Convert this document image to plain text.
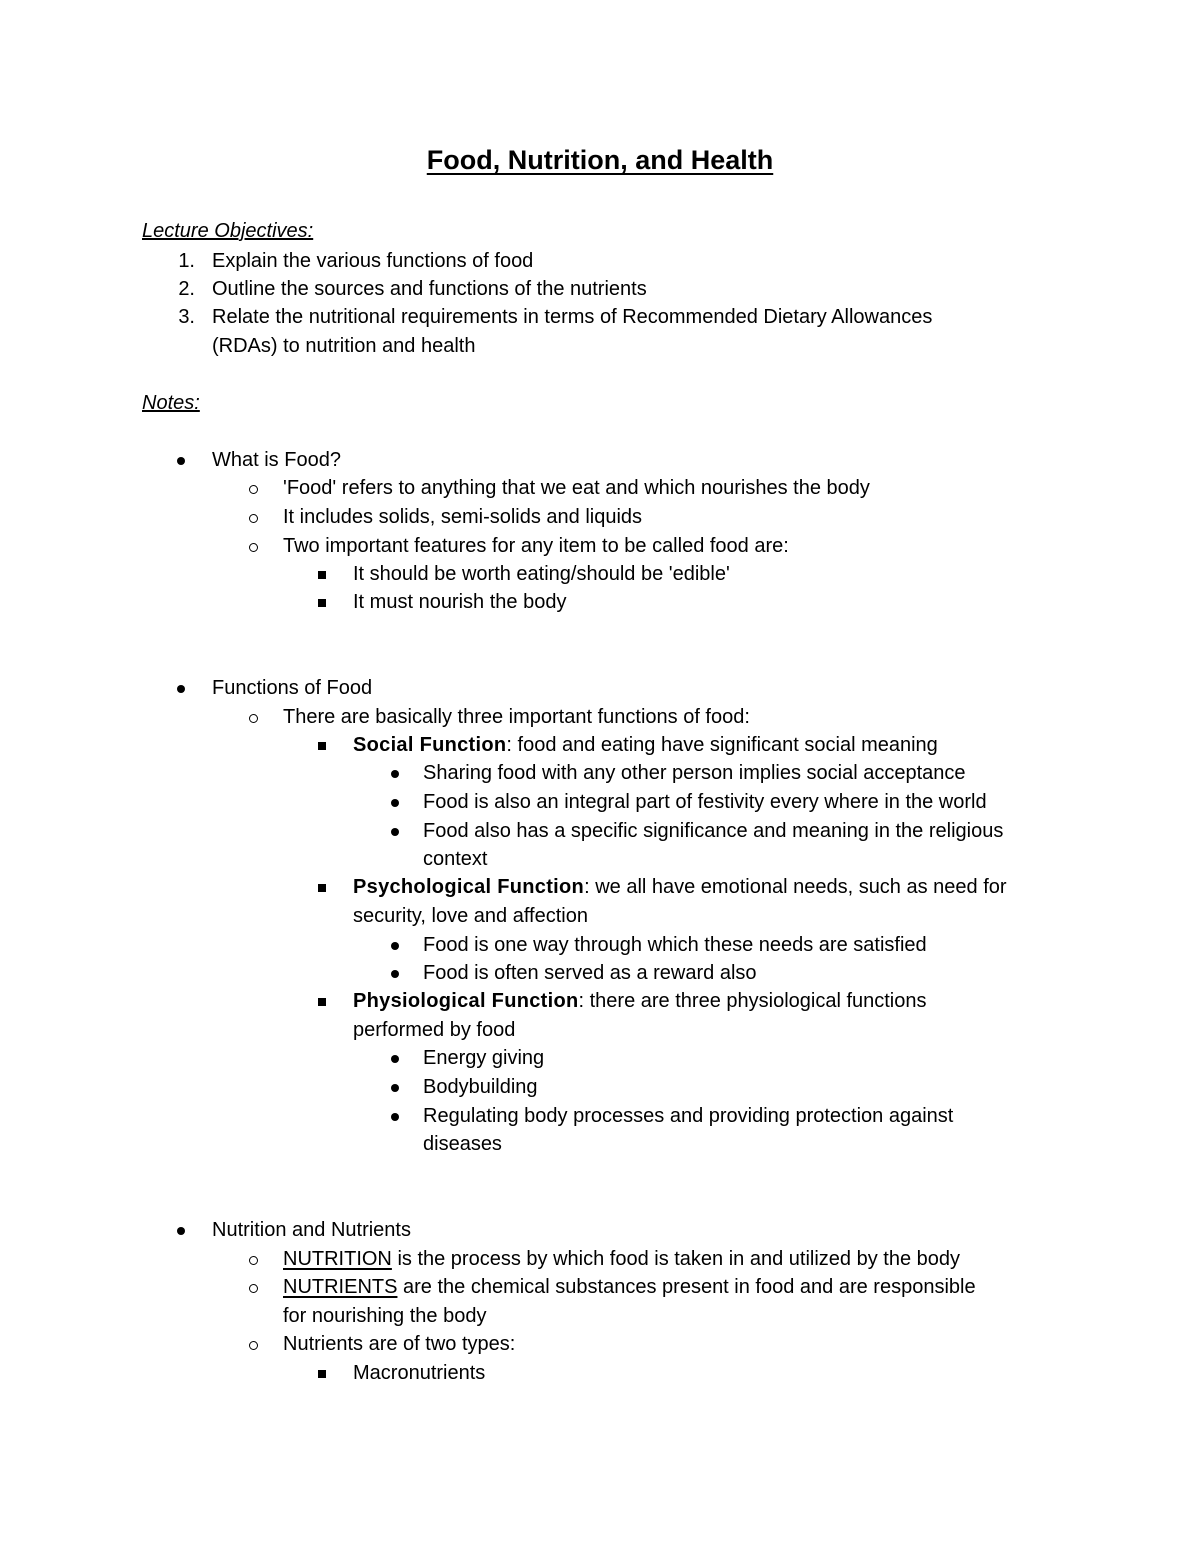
Food, Nutrition, and Health
Lecture Objectives:
1. Explain the various functions of food
2. Outline the sources and functions of the nutrients
3. Relate the nutritional requirements in terms of Recommended Dietary Allowances
(RDAs) to nutrition and health
Notes:
What is Food?
'Food' refers to anything that we eat and which nourishes the body
It includes solids, semi-solids and liquids
Two important features for any item to be called food are:
It should be worth eating/should be 'edible'
It must nourish the body
Functions of Food
There are basically three important functions of food:
Social Function: food and eating have significant social meaning
Sharing food with any other person implies social acceptance
Food is also an integral part of festivity every where in the world
Food also has a specific significance and meaning in the religious
context
Psychological Function: we all have emotional needs, such as need for
security, love and affection
Food is one way through which these needs are satisfied
Food is often served as a reward also
Physiological Function: there are three physiological functions
performed by food
Energy giving
Bodybuilding
Regulating body processes and providing protection against
diseases
Nutrition and Nutrients
NUTRITION is the process by which food is taken in and utilized by the body
NUTRIENTS are the chemical substances present in food and are responsible
for nourishing the body
Nutrients are of two types:
Macronutrients
